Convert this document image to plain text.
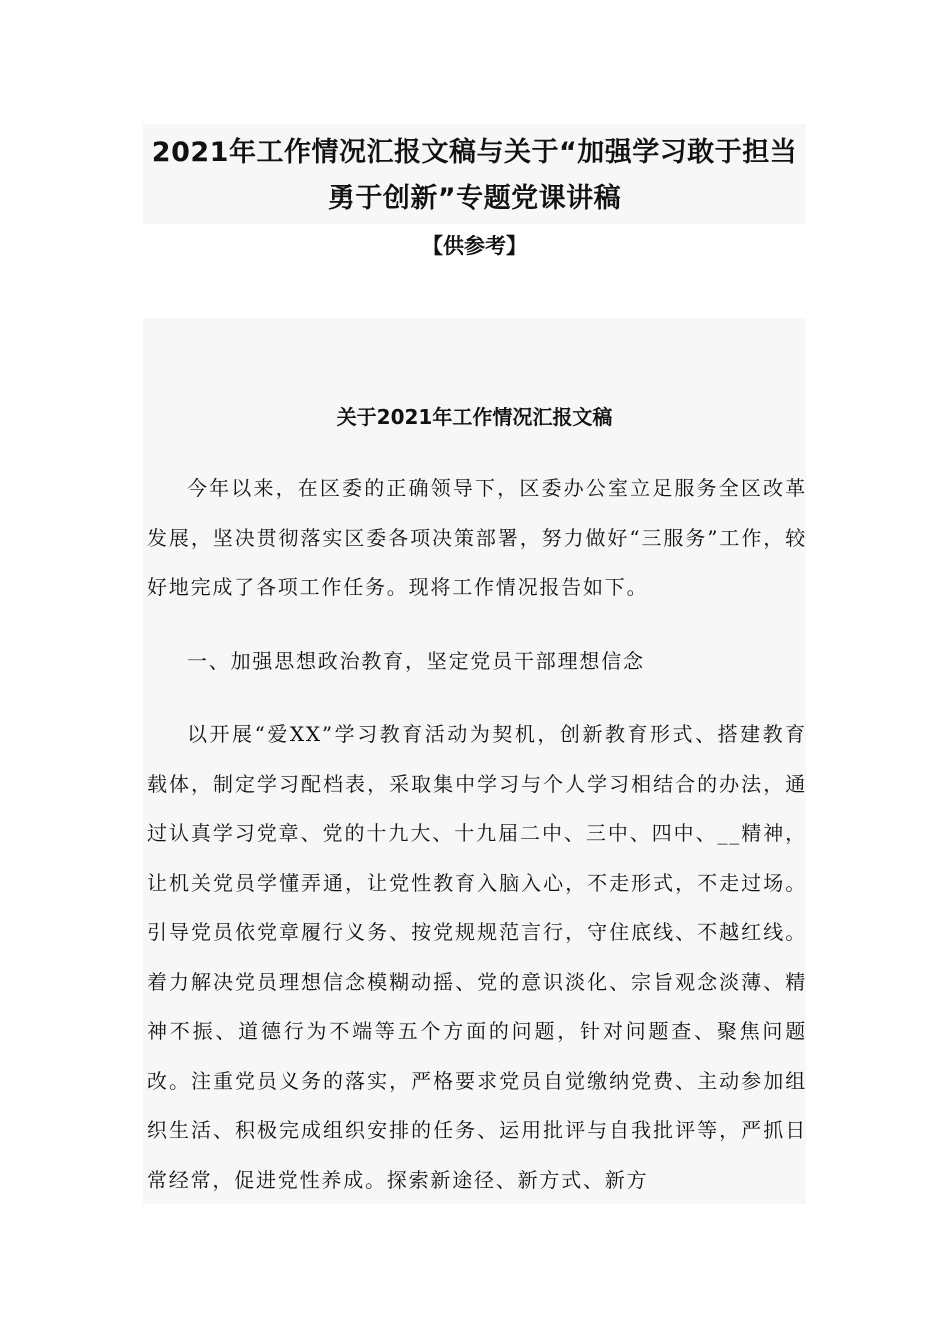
2021年工作情况汇报文稿与关于“加强学习敢于担当勇于创新”专题党课讲稿
【供参考】
关于2021年工作情况汇报文稿

今年以来，在区委的正确领导下，区委办公室立足服务全区改革发展，坚决贯彻落实区委各项决策部署，努力做好“三服务”工作，较好地完成了各项工作任务。现将工作情况报告如下。

一、加强思想政治教育，坚定党员干部理想信念

以开展“爱XX”学习教育活动为契机，创新教育形式、搭建教育载体，制定学习配档表，采取集中学习与个人学习相结合的办法，通过认真学习党章、党的十九大、十九届二中、三中、四中、__精神，让机关党员学懂弄通，让党性教育入脑入心，不走形式，不走过场。引导党员依党章履行义务、按党规规范言行，守住底线、不越红线。着力解决党员理想信念模糊动摇、党的意识淡化、宗旨观念淡薄、精神不振、道德行为不端等五个方面的问题，针对问题查、聚焦问题改。注重党员义务的落实，严格要求党员自觉缴纳党费、主动参加组织生活、积极完成组织安排的任务、运用批评与自我批评等，严抓日常经常，促进党性养成。探索新途径、新方式、新方
